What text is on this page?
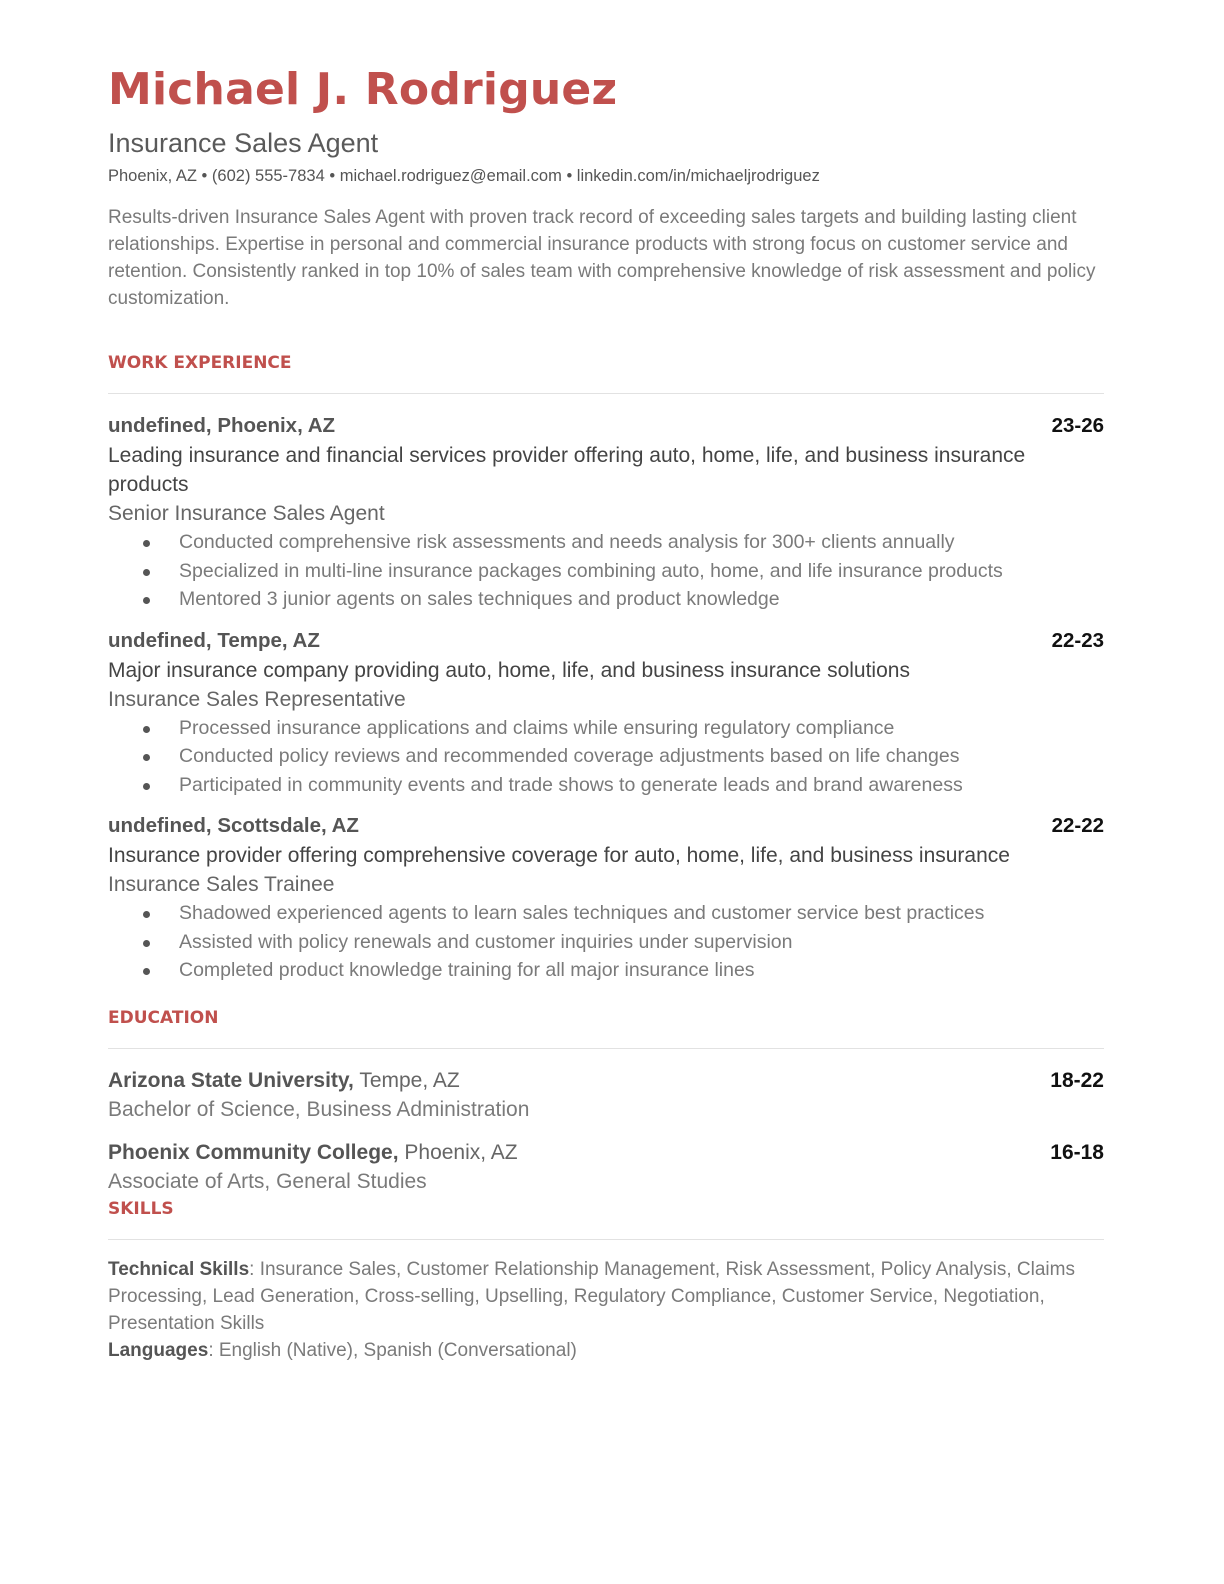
Michael J. Rodriguez
Insurance Sales Agent
Phoenix, AZ • (602) 555-7834 • michael.rodriguez@email.com • linkedin.com/in/michaeljrodriguez
Results-driven Insurance Sales Agent with proven track record of exceeding sales targets and building lasting client relationships. Expertise in personal and commercial insurance products with strong focus on customer service and retention. Consistently ranked in top 10% of sales team with comprehensive knowledge of risk assessment and policy customization.
WORK EXPERIENCE
undefined, Phoenix, AZ	23-26
Leading insurance and financial services provider offering auto, home, life, and business insurance products
Senior Insurance Sales Agent
Conducted comprehensive risk assessments and needs analysis for 300+ clients annually
Specialized in multi-line insurance packages combining auto, home, and life insurance products
Mentored 3 junior agents on sales techniques and product knowledge
undefined, Tempe, AZ	22-23
Major insurance company providing auto, home, life, and business insurance solutions
Insurance Sales Representative
Processed insurance applications and claims while ensuring regulatory compliance
Conducted policy reviews and recommended coverage adjustments based on life changes
Participated in community events and trade shows to generate leads and brand awareness
undefined, Scottsdale, AZ	22-22
Insurance provider offering comprehensive coverage for auto, home, life, and business insurance
Insurance Sales Trainee
Shadowed experienced agents to learn sales techniques and customer service best practices
Assisted with policy renewals and customer inquiries under supervision
Completed product knowledge training for all major insurance lines
EDUCATION
Arizona State University, Tempe, AZ	18-22
Bachelor of Science, Business Administration
Phoenix Community College, Phoenix, AZ	16-18
Associate of Arts, General Studies
SKILLS
Technical Skills: Insurance Sales, Customer Relationship Management, Risk Assessment, Policy Analysis, Claims Processing, Lead Generation, Cross-selling, Upselling, Regulatory Compliance, Customer Service, Negotiation, Presentation Skills
Languages: English (Native), Spanish (Conversational)
